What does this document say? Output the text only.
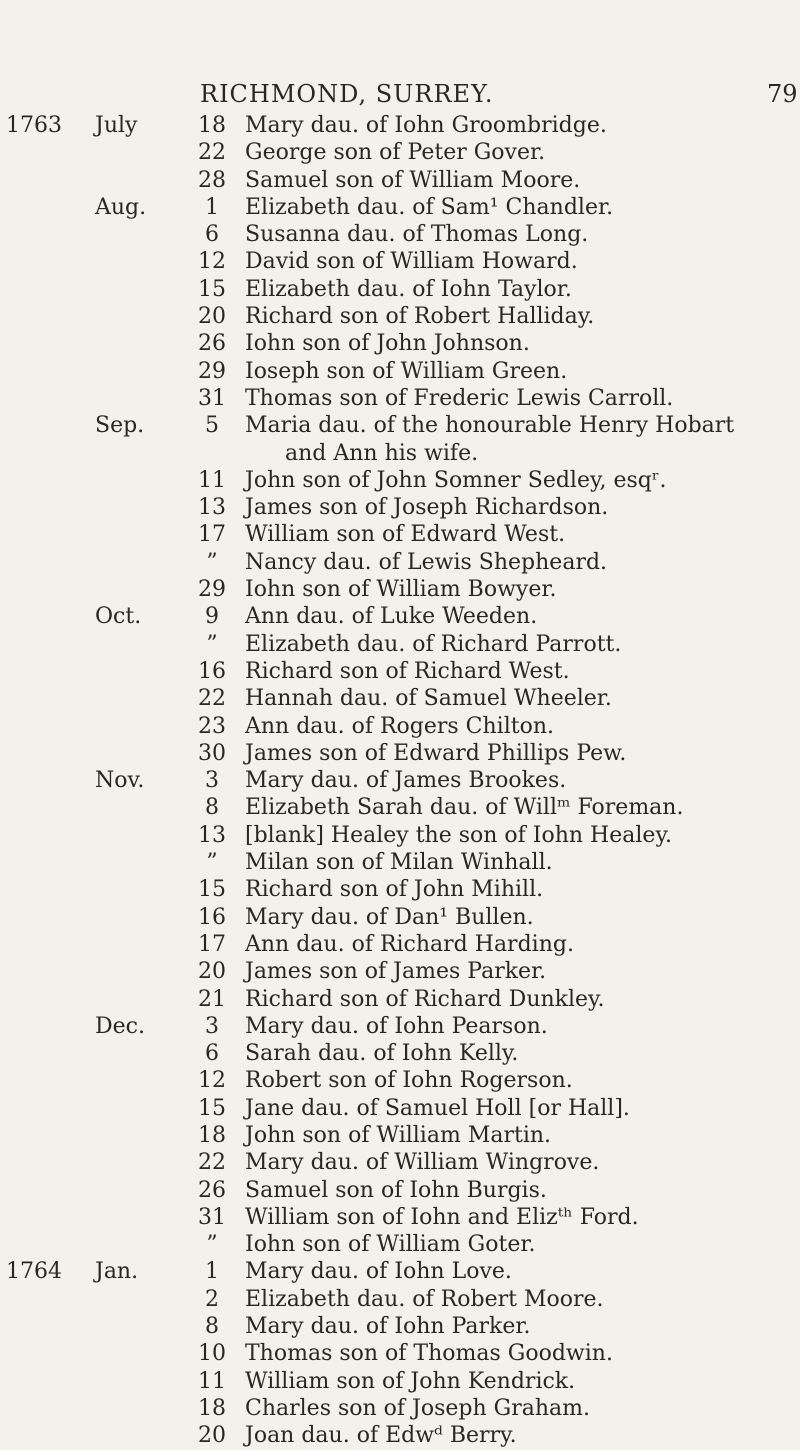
RICHMOND, SURREY.	79
1763	July	18 Mary dau. of Iohn Groombridge.
22 George son of Peter Gover.
28 Samuel son of William Moore.
Aug.	1	Elizabeth dau. of Sam¹ Chandler.
6	Susanna dau. of Thomas Long.
12 David son of William Howard.
15 Elizabeth dau. of Iohn Taylor.
20 Richard son of Robert Halliday.
26 Iohn son of John Johnson.
29 Ioseph son of William Green.
31 Thomas son of Frederic Lewis Carroll.
Sep.	5	Maria dau. of the honourable Henry Hobart
and Ann his wife.
11 John son of John Somner Sedley, esqʳ.
13 James son of Joseph Richardson.
17 William son of Edward West.
”	Nancy dau. of Lewis Shepheard.
29 Iohn son of William Bowyer.
Oct.	9	Ann dau. of Luke Weeden.
”	Elizabeth dau. of Richard Parrott.
16 Richard son of Richard West.
22 Hannah dau. of Samuel Wheeler.
23 Ann dau. of Rogers Chilton.
30 James son of Edward Phillips Pew.
Nov.	3	Mary dau. of James Brookes.
8	Elizabeth Sarah dau. of Willᵐ Foreman.
13 [blank] Healey the son of Iohn Healey.
”	Milan son of Milan Winhall.
15 Richard son of John Mihill.
16 Mary dau. of Dan¹ Bullen.
17 Ann dau. of Richard Harding.
20 James son of James Parker.
21 Richard son of Richard Dunkley.
Dec.	3	Mary dau. of Iohn Pearson.
6	Sarah dau. of Iohn Kelly.
12 Robert son of Iohn Rogerson.
15 Jane dau. of Samuel Holl [or Hall].
18 John son of William Martin.
22 Mary dau. of William Wingrove.
26 Samuel son of Iohn Burgis.
31 William son of Iohn and Elizᵗʰ Ford.
”	Iohn son of William Goter.
1764	Jan.	1	Mary dau. of Iohn Love.
2	Elizabeth dau. of Robert Moore.
8	Mary dau. of Iohn Parker.
10 Thomas son of Thomas Goodwin.
11 William son of John Kendrick.
18 Charles son of Joseph Graham.
20 Joan dau. of Edwᵈ Berry.
